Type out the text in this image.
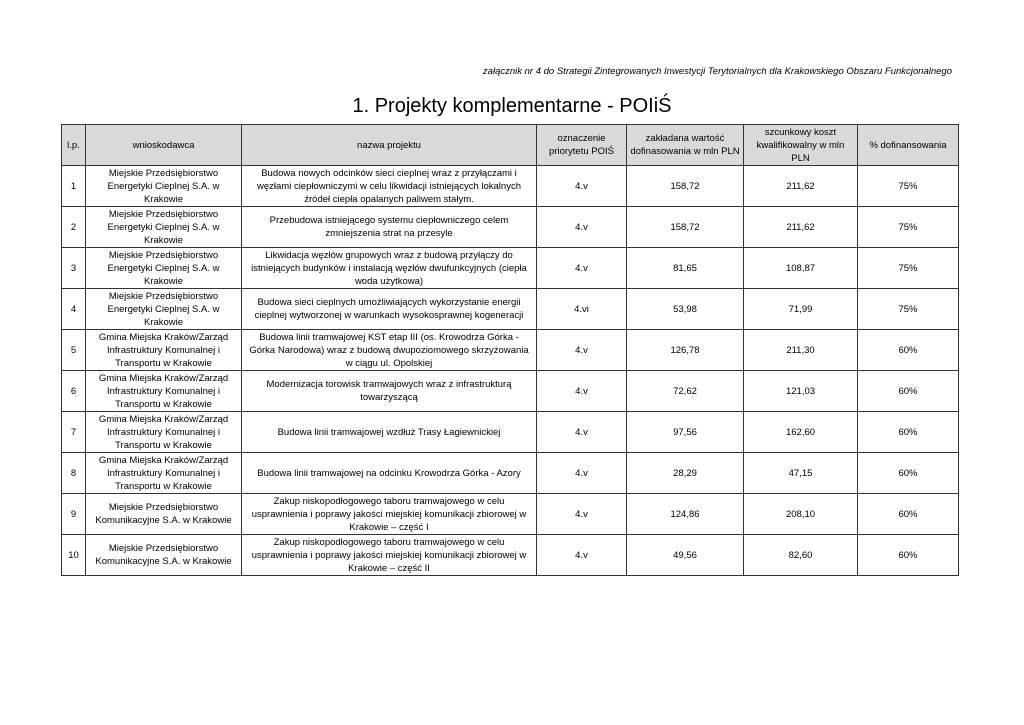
załącznik nr 4 do Strategii Zintegrowanych Inwestycji Terytorialnych dla Krakowskiego Obszaru Funkcjonalnego
1. Projekty komplementarne - POIiŚ
l.p.	wnioskodawca	nazwa projektu	oznaczenie priorytetu POIŚ	zakładana wartość dofinasowania w mln PLN	szcunkowy koszt kwalifikowalny w mln PLN	% dofinansowania
1	Miejskie Przedsiębiorstwo Energetyki Cieplnej S.A. w Krakowie	Budowa nowych odcinków sieci cieplnej wraz z przyłączami i węzłami ciepłowniczymi w celu likwidacji istniejących lokalnych źródeł ciepła opalanych paliwem stałym.	4.v	158,72	211,62	75%
2	Miejskie Przedsiębiorstwo Energetyki Cieplnej S.A. w Krakowie	Przebudowa istniejącego systemu ciepłowniczego celem zmniejszenia strat na przesyle	4.v	158,72	211,62	75%
3	Miejskie Przedsiębiorstwo Energetyki Cieplnej S.A. w Krakowie	Likwidacja węzłów grupowych wraz z budową przyłączy do istniejących budynków i instalacją węzłów dwufunkcyjnych (ciepła woda użytkowa)	4.v	81,65	108,87	75%
4	Miejskie Przedsiębiorstwo Energetyki Cieplnej S.A. w Krakowie	Budowa sieci cieplnych umożliwiających wykorzystanie energii cieplnej wytworzonej w warunkach wysokosprawnej kogeneracji	4.vi	53,98	71,99	75%
5	Gmina Miejska Kraków/Zarząd Infrastruktury Komunalnej i Transportu w Krakowie	Budowa linii tramwajowej KST etap III (os. Krowodrza Górka - Górka Narodowa) wraz z budową dwupoziomowego skrzyżowania w ciągu ul. Opolskiej	4.v	126,78	211,30	60%
6	Gmina Miejska Kraków/Zarząd Infrastruktury Komunalnej i Transportu w Krakowie	Modernizacja torowisk tramwajowych wraz z infrastrukturą towarzyszącą	4.v	72,62	121,03	60%
7	Gmina Miejska Kraków/Zarząd Infrastruktury Komunalnej i Transportu w Krakowie	Budowa linii tramwajowej wzdłuż Trasy Łagiewnickiej	4.v	97,56	162,60	60%
8	Gmina Miejska Kraków/Zarząd Infrastruktury Komunalnej i Transportu w Krakowie	Budowa linii tramwajowej na odcinku Krowodrza Górka - Azory	4.v	28,29	47,15	60%
9	Miejskie Przedsiębiorstwo Komunikacyjne S.A. w Krakowie	Zakup niskopodłogowego taboru tramwajowego w celu usprawnienia i poprawy jakości miejskiej komunikacji zbiorowej w Krakowie – część I	4.v	124,86	208,10	60%
10	Miejskie Przedsiębiorstwo Komunikacyjne S.A. w Krakowie	Zakup niskopodłogowego taboru tramwajowego w celu usprawnienia i poprawy jakości miejskiej komunikacji zbiorowej w Krakowie – część II	4.v	49,56	82,60	60%
